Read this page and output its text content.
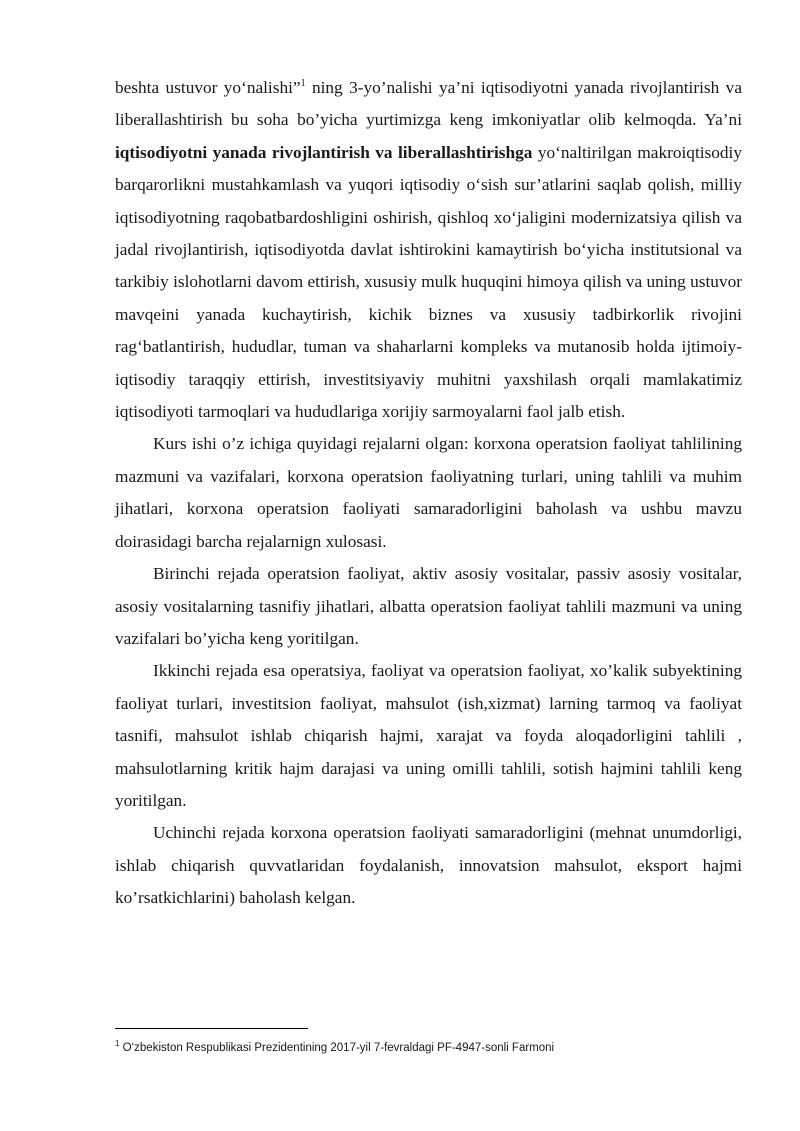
beshta ustuvor yo‘nalishi”$^1$ ning 3-yo’nalishi ya’ni iqtisodiyotni yanada rivojlantirish va liberallashtirish bu soha bo’yicha yurtimizga keng imkoniyatlar olib kelmoqda. Ya’ni iqtisodiyotni yanada rivojlantirish va liberallashtirishga yo‘naltirilgan makroiqtisodiy barqarorlikni mustahkamlash va yuqori iqtisodiy o‘sish sur’atlarini saqlab qolish, milliy iqtisodiyotning raqobatbardoshligini oshirish, qishloq xo‘jaligini modernizatsiya qilish va jadal rivojlantirish, iqtisodiyotda davlat ishtirokini kamaytirish bo‘yicha institutsional va tarkibiy islohotlarni davom ettirish, xususiy mulk huquqini himoya qilish va uning ustuvor mavqeini yanada kuchaytirish, kichik biznes va xususiy tadbirkorlik rivojini rag‘batlantirish, hududlar, tuman va shaharlarni kompleks va mutanosib holda ijtimoiy-iqtisodiy taraqqiy ettirish, investitsiyaviy muhitni yaxshilash orqali mamlakatimiz iqtisodiyoti tarmoqlari va hududlariga xorijiy sarmoyalarni faol jalb etish.

Kurs ishi o’z ichiga quyidagi rejalarni olgan: korxona operatsion faoliyat tahlilining mazmuni va vazifalari, korxona operatsion faoliyatning turlari, uning tahlili va muhim jihatlari, korxona operatsion faoliyati samaradorligini baholash va ushbu mavzu doirasidagi barcha rejalarnign xulosasi.

Birinchi rejada operatsion faoliyat, aktiv asosiy vositalar, passiv asosiy vositalar, asosiy vositalarning tasnifiy jihatlari, albatta operatsion faoliyat tahlili mazmuni va uning vazifalari bo’yicha keng yoritilgan.

Ikkinchi rejada esa operatsiya, faoliyat va operatsion faoliyat, xo’kalik subyektining faoliyat turlari, investitsion faoliyat, mahsulot (ish,xizmat) larning tarmoq va faoliyat tasnifi, mahsulot ishlab chiqarish hajmi, xarajat va foyda aloqadorligini tahlili , mahsulotlarning kritik hajm darajasi va uning omilli tahlili, sotish hajmini tahlili keng yoritilgan.

Uchinchi rejada korxona operatsion faoliyati samaradorligini (mehnat unumdorligi, ishlab chiqarish quvvatlaridan foydalanish, innovatsion mahsulot, eksport hajmi ko’rsatkichlarini) baholash kelgan.

$^1$ O‘zbekiston Respublikasi Prezidentining 2017-yil 7-fevraldagi PF-4947-sonli Farmoni
